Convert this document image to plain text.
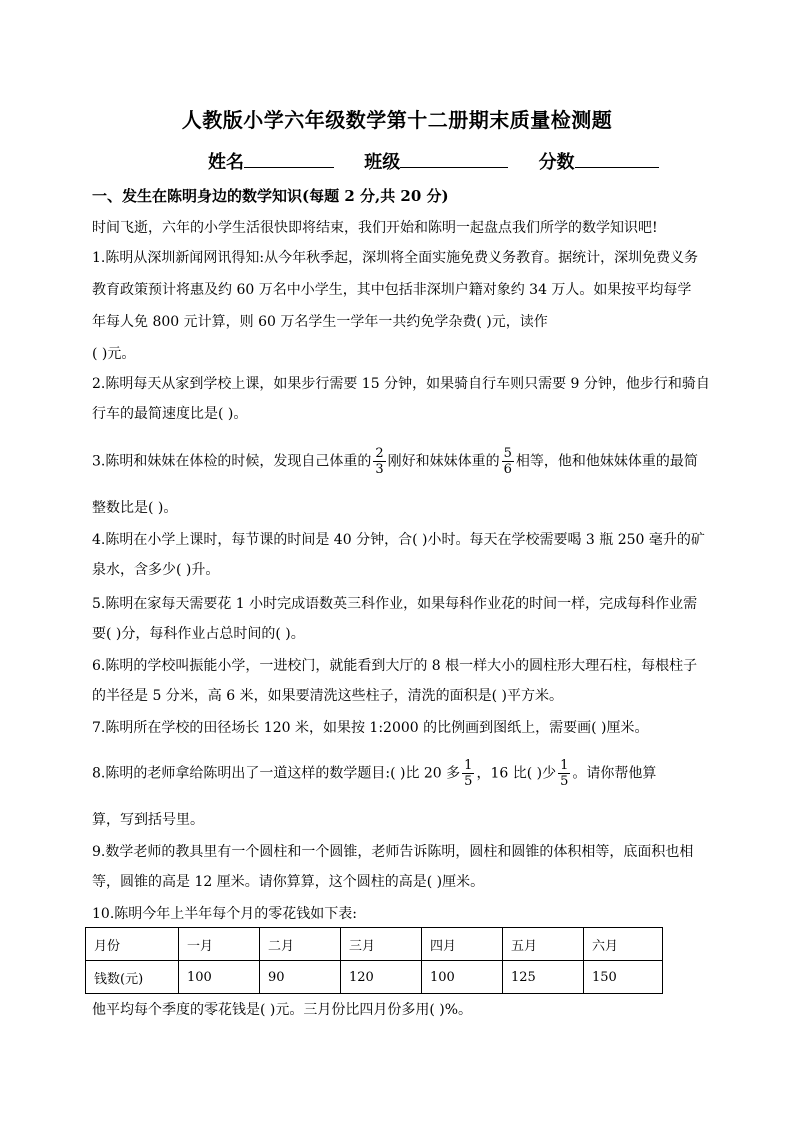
人教版小学六年级数学第十二册期末质量检测题
姓名	班级	分数
一、发生在陈明身边的数学知识(每题 2 分,共 20 分)
时间飞逝，六年的小学生活很快即将结束，我们开始和陈明一起盘点我们所学的数学知识吧!
1.陈明从深圳新闻网讯得知:从今年秋季起，深圳将全面实施免费义务教育。据统计，深圳免费义务
教育政策预计将惠及约 60 万名中小学生，其中包括非深圳户籍对象约 34 万人。如果按平均每学
年每人免 800 元计算，则 60 万名学生一学年一共约免学杂费( )元，读作
( )元。
2.陈明每天从家到学校上课，如果步行需要 15 分钟，如果骑自行车则只需要 9 分钟，他步行和骑自
行车的最简速度比是( )。
3.陈明和妹妹在体检的时候，发现自己体重的 $\frac{2}{3}$ 刚好和妹妹体重的 $\frac{5}{6}$ 相等，他和他妹妹体重的最简
整数比是( )。
4.陈明在小学上课时，每节课的时间是 40 分钟，合( )小时。每天在学校需要喝 3 瓶 250 毫升的矿
泉水，含多少( )升。
5.陈明在家每天需要花 1 小时完成语数英三科作业，如果每科作业花的时间一样，完成每科作业需
要( )分，每科作业占总时间的( )。
6.陈明的学校叫振能小学，一进校门，就能看到大厅的 8 根一样大小的圆柱形大理石柱，每根柱子
的半径是 5 分米，高 6 米，如果要清洗这些柱子，清洗的面积是( )平方米。
7.陈明所在学校的田径场长 120 米，如果按 1:2000 的比例画到图纸上，需要画( )厘米。
8.陈明的老师拿给陈明出了一道这样的数学题目:( )比 20 多 $\frac{1}{5}$ ，16 比( )少 $\frac{1}{5}$ 。请你帮他算
算，写到括号里。
9.数学老师的教具里有一个圆柱和一个圆锥，老师告诉陈明，圆柱和圆锥的体积相等，底面积也相
等，圆锥的高是 12 厘米。请你算算，这个圆柱的高是( )厘米。
10.陈明今年上半年每个月的零花钱如下表:
月份	一月	二月	三月	四月	五月	六月
钱数(元)	100	90	120	100	125	150
他平均每个季度的零花钱是( )元。三月份比四月份多用( )%。
